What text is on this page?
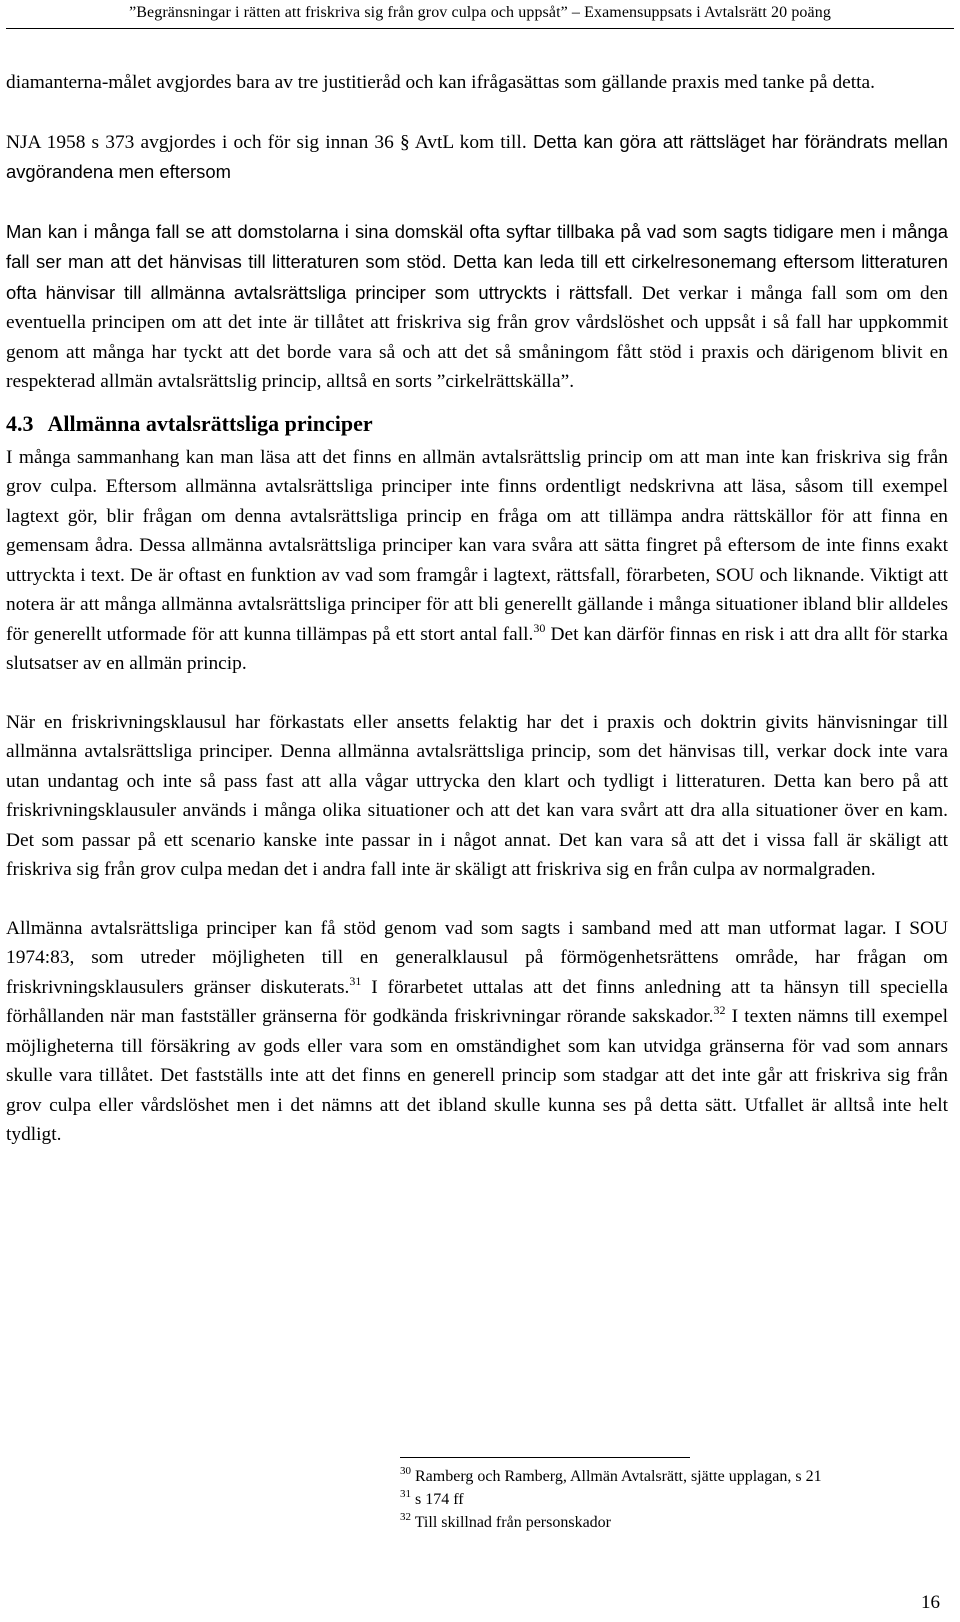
”Begränsningar i rätten att friskriva sig från grov culpa och uppsåt” – Examensuppsats i Avtalsrätt 20 poäng

diamanterna-målet avgjordes bara av tre justitieråd och kan ifrågasättas som gällande praxis med tanke på detta.

NJA 1958 s 373 avgjordes i och för sig innan 36 § AvtL kom till. Detta kan göra att rättsläget har förändrats mellan avgörandena men eftersom

Man kan i många fall se att domstolarna i sina domskäl ofta syftar tillbaka på vad som sagts tidigare men i många fall ser man att det hänvisas till litteraturen som stöd. Detta kan leda till ett cirkelresonemang eftersom litteraturen ofta hänvisar till allmänna avtalsrättsliga principer som uttryckts i rättsfall. Det verkar i många fall som om den eventuella principen om att det inte är tillåtet att friskriva sig från grov vårdslöshet och uppsåt i så fall har uppkommit genom att många har tyckt att det borde vara så och att det så småningom fått stöd i praxis och därigenom blivit en respekterad allmän avtalsrättslig princip, alltså en sorts ”cirkelrättskälla”.

4.3 Allmänna avtalsrättsliga principer

I många sammanhang kan man läsa att det finns en allmän avtalsrättslig princip om att man inte kan friskriva sig från grov culpa. Eftersom allmänna avtalsrättsliga principer inte finns ordentligt nedskrivna att läsa, såsom till exempel lagtext gör, blir frågan om denna avtalsrättsliga princip en fråga om att tillämpa andra rättskällor för att finna en gemensam ådra. Dessa allmänna avtalsrättsliga principer kan vara svåra att sätta fingret på eftersom de inte finns exakt uttryckta i text. De är oftast en funktion av vad som framgår i lagtext, rättsfall, förarbeten, SOU och liknande. Viktigt att notera är att många allmänna avtalsrättsliga principer för att bli generellt gällande i många situationer ibland blir alldeles för generellt utformade för att kunna tillämpas på ett stort antal fall.$^{30}$ Det kan därför finnas en risk i att dra allt för starka slutsatser av en allmän princip.

När en friskrivningsklausul har förkastats eller ansetts felaktig har det i praxis och doktrin givits hänvisningar till allmänna avtalsrättsliga principer. Denna allmänna avtalsrättsliga princip, som det hänvisas till, verkar dock inte vara utan undantag och inte så pass fast att alla vågar uttrycka den klart och tydligt i litteraturen. Detta kan bero på att friskrivningsklausuler används i många olika situationer och att det kan vara svårt att dra alla situationer över en kam. Det som passar på ett scenario kanske inte passar in i något annat. Det kan vara så att det i vissa fall är skäligt att friskriva sig från grov culpa medan det i andra fall inte är skäligt att friskriva sig en från culpa av normalgraden.

Allmänna avtalsrättsliga principer kan få stöd genom vad som sagts i samband med att man utformat lagar. I SOU 1974:83, som utreder möjligheten till en generalklausul på förmögenhetsrättens område, har frågan om friskrivningsklausulers gränser diskuterats.$^{31}$ I förarbetet uttalas att det finns anledning att ta hänsyn till speciella förhållanden när man fastställer gränserna för godkända friskrivningar rörande sakskador.$^{32}$ I texten nämns till exempel möjligheterna till försäkring av gods eller vara som en omständighet som kan utvidga gränserna för vad som annars skulle vara tillåtet. Det fastställs inte att det finns en generell princip som stadgar att det inte går att friskriva sig från grov culpa eller vårdslöshet men i det nämns att det ibland skulle kunna ses på detta sätt. Utfallet är alltså inte helt tydligt.

$^{30}$ Ramberg och Ramberg, Allmän Avtalsrätt, sjätte upplagan, s 21
$^{31}$ s 174 ff
$^{32}$ Till skillnad från personskador
16
